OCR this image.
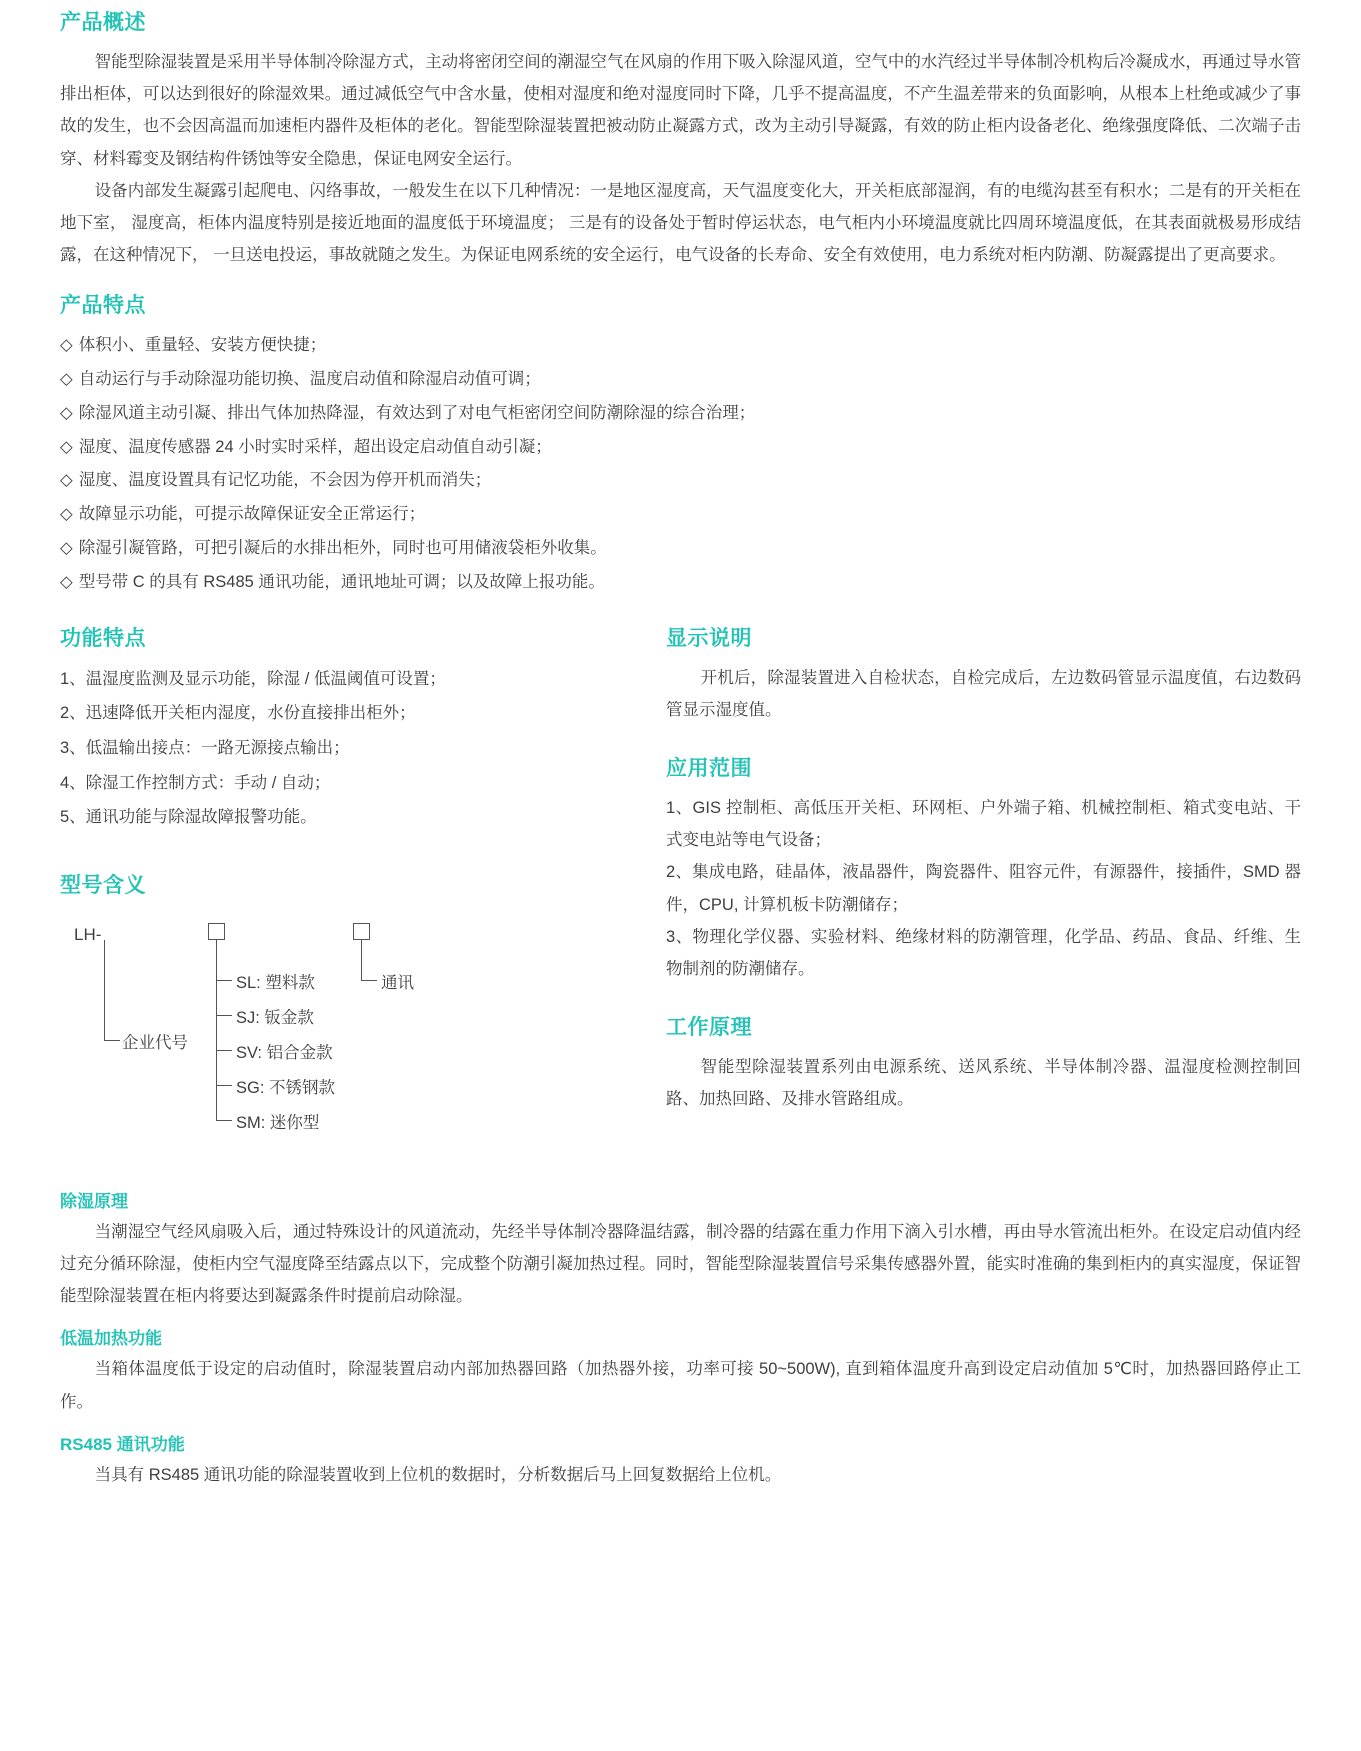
产品概述

智能型除湿装置是采用半导体制冷除湿方式，主动将密闭空间的潮湿空气在风扇的作用下吸入除湿风道，空气中的水汽经过半导体制冷机构后冷凝成水，再通过导水管排出柜体，可以达到很好的除湿效果。通过减低空气中含水量，使相对湿度和绝对湿度同时下降，几乎不提高温度，不产生温差带来的负面影响，从根本上杜绝或减少了事故的发生，也不会因高温而加速柜内器件及柜体的老化。智能型除湿装置把被动防止凝露方式，改为主动引导凝露，有效的防止柜内设备老化、绝缘强度降低、二次端子击穿、材料霉变及钢结构件锈蚀等安全隐患，保证电网安全运行。

设备内部发生凝露引起爬电、闪络事故，一般发生在以下几种情况：一是地区湿度高，天气温度变化大，开关柜底部湿润，有的电缆沟甚至有积水；二是有的开关柜在地下室， 湿度高，柜体内温度特别是接近地面的温度低于环境温度； 三是有的设备处于暂时停运状态，电气柜内小环境温度就比四周环境温度低，在其表面就极易形成结露，在这种情况下， 一旦送电投运，事故就随之发生。为保证电网系统的安全运行，电气设备的长寿命、安全有效使用，电力系统对柜内防潮、防凝露提出了更高要求。

产品特点
◇ 体积小、重量轻、安装方便快捷；
◇ 自动运行与手动除湿功能切换、温度启动值和除湿启动值可调；
◇ 除湿风道主动引凝、排出气体加热降湿，有效达到了对电气柜密闭空间防潮除湿的综合治理；
◇ 湿度、温度传感器 24 小时实时采样，超出设定启动值自动引凝；
◇ 湿度、温度设置具有记忆功能，不会因为停开机而消失；
◇ 故障显示功能，可提示故障保证安全正常运行；
◇ 除湿引凝管路，可把引凝后的水排出柜外，同时也可用储液袋柜外收集。
◇ 型号带 C 的具有 RS485 通讯功能，通讯地址可调；以及故障上报功能。
功能特点
1、温湿度监测及显示功能，除湿 / 低温阈值可设置；
2、迅速降低开关柜内湿度，水份直接排出柜外；
3、低温输出接点：一路无源接点输出；
4、除湿工作控制方式：手动 / 自动；
5、通讯功能与除湿故障报警功能。
型号含义
LH-
企业代号
SL: 塑料款
SJ: 钣金款
SV: 铝合金款
SG: 不锈钢款
SM: 迷你型
通讯
显示说明

开机后，除湿装置进入自检状态，自检完成后，左边数码管显示温度值，右边数码管显示湿度值。

应用范围

1、GIS 控制柜、高低压开关柜、环网柜、户外端子箱、机械控制柜、箱式变电站、干式变电站等电气设备；

2、集成电路，硅晶体，液晶器件，陶瓷器件、阻容元件，有源器件，接插件，SMD 器件，CPU, 计算机板卡防潮储存；

3、物理化学仪器、实验材料、绝缘材料的防潮管理，化学品、药品、食品、纤维、生物制剂的防潮储存。

工作原理

智能型除湿装置系列由电源系统、送风系统、半导体制冷器、温湿度检测控制回路、加热回路、及排水管路组成。

除湿原理

当潮湿空气经风扇吸入后，通过特殊设计的风道流动，先经半导体制冷器降温结露，制冷器的结露在重力作用下滴入引水槽，再由导水管流出柜外。在设定启动值内经过充分循环除湿，使柜内空气湿度降至结露点以下，完成整个防潮引凝加热过程。同时，智能型除湿装置信号采集传感器外置，能实时准确的集到柜内的真实湿度，保证智能型除湿装置在柜内将要达到凝露条件时提前启动除湿。

低温加热功能

当箱体温度低于设定的启动值时，除湿装置启动内部加热器回路（加热器外接，功率可接 50~500W), 直到箱体温度升高到设定启动值加 5℃时，加热器回路停止工作。

RS485 通讯功能

当具有 RS485 通讯功能的除湿装置收到上位机的数据时，分析数据后马上回复数据给上位机。
